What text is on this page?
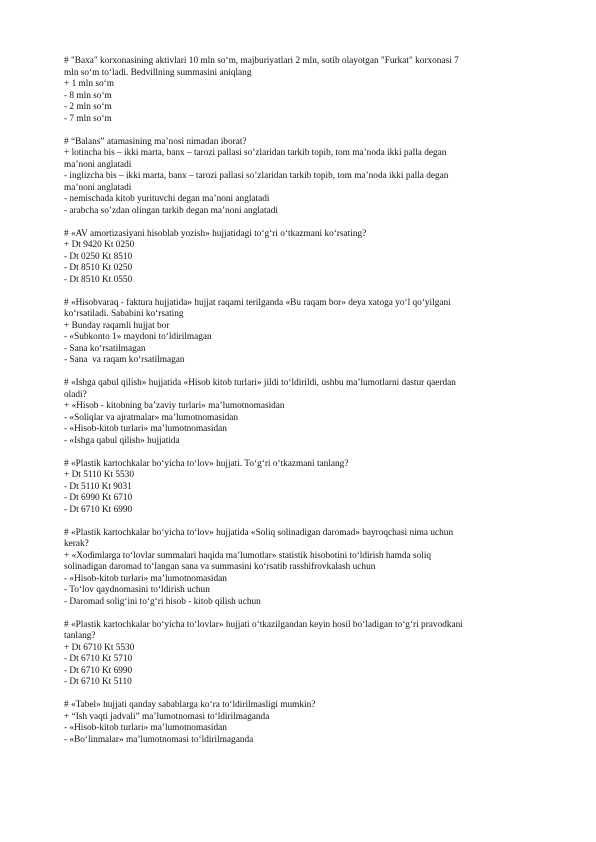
# "Baxa" korxonasining aktivlari 10 mln so‘m, majburiyatlari 2 mln, sotib olayotgan "Furkat" korxonasi 7

mln so‘m to‘ladi. Bedvillning summasini aniqlang

+ 1 mln so‘m

- 8 mln so‘m

- 2 mln so‘m

- 7 mln so‘m

# “Balans” atamasining ma’nosi nimadan iborat?

+ lotincha bis – ikki marta, banx – tarozi pallasi so’zlaridan tarkib topib, tom ma’noda ikki palla degan

ma’noni anglatadi

- inglizcha bis – ikki marta, banx – tarozi pallasi so’zlaridan tarkib topib, tom ma’noda ikki palla degan

ma’noni anglatadi

- nemischada kitob yurituvchi degan ma’noni anglatadi

- arabcha so’zdan olingan tarkib degan ma’noni anglatadi

# «AV amortizasiyani hisoblab yozish» hujjatidagi to‘g‘ri o‘tkazmani ko‘rsating?

+ Dt 9420 Kt 0250

- Dt 0250 Kt 8510

- Dt 8510 Kt 0250

- Dt 8510 Kt 0550

# «Hisobvaraq - faktura hujjatida» hujjat raqami terilganda «Bu raqam bor» deya xatoga yo‘l qo‘yilgani

ko‘rsatiladi. Sababini ko‘rsating

+ Bunday raqamli hujjat bor

- «Subkonto 1» maydoni to‘ldirilmagan

- Sana ko‘rsatilmagan

- Sana  va raqam ko‘rsatilmagan

# «Ishga qabul qilish» hujjatida «Hisob kitob turlari» jildi to‘ldirildi, ushbu ma’lumotlarni dastur qaerdan

oladi?

+ «Hisob - kitobning ba’zaviy turlari» ma’lumotnomasidan

- «Soliqlar va ajratmalar» ma’lumotnomasidan

- «Hisob-kitob turlari» ma’lumotnomasidan

- «Ishga qabul qilish» hujjatida

# «Plastik kartochkalar bo‘yicha to‘lov» hujjati. To‘g‘ri o‘tkazmani tanlang?

+ Dt 5110 Kt 5530

- Dt 5110 Kt 9031

- Dt 6990 Kt 6710

- Dt 6710 Kt 6990

# «Plastik kartochkalar bo‘yicha to‘lov» hujjatida «Soliq solinadigan daromad» bayroqchasi nima uchun

kerak?

+ «Xodimlarga to‘lovlar summalari haqida ma’lumotlar» statistik hisobotini to‘ldirish hamda soliq

solinadigan daromad to‘langan sana va summasini ko‘rsatib rasshifrovkalash uchun

- «Hisob-kitob turlari» ma’lumotnomasidan

- To‘lov qaydnomasini to‘ldirish uchun

- Daromad solig‘ini to‘g‘ri hisob - kitob qilish uchun

# «Plastik kartochkalar bo‘yicha to‘lovlar» hujjati o‘tkazilgandan keyin hosil bo‘ladigan to‘g‘ri pravodkani

tanlang?

+ Dt 6710 Kt 5530

- Dt 6710 Kt 5710

- Dt 6710 Kt 6990

- Dt 6710 Kt 5110

# «Tabel» hujjati qanday sabablarga ko‘ra to‘ldirilmasligi mumkin?

+ “Ish vaqti jadvali” ma’lumotnomasi to‘ldirilmaganda

- «Hisob-kitob turlari» ma’lumotnomasidan

- «Bo‘linmalar» ma’lumotnomasi to‘ldirilmaganda
